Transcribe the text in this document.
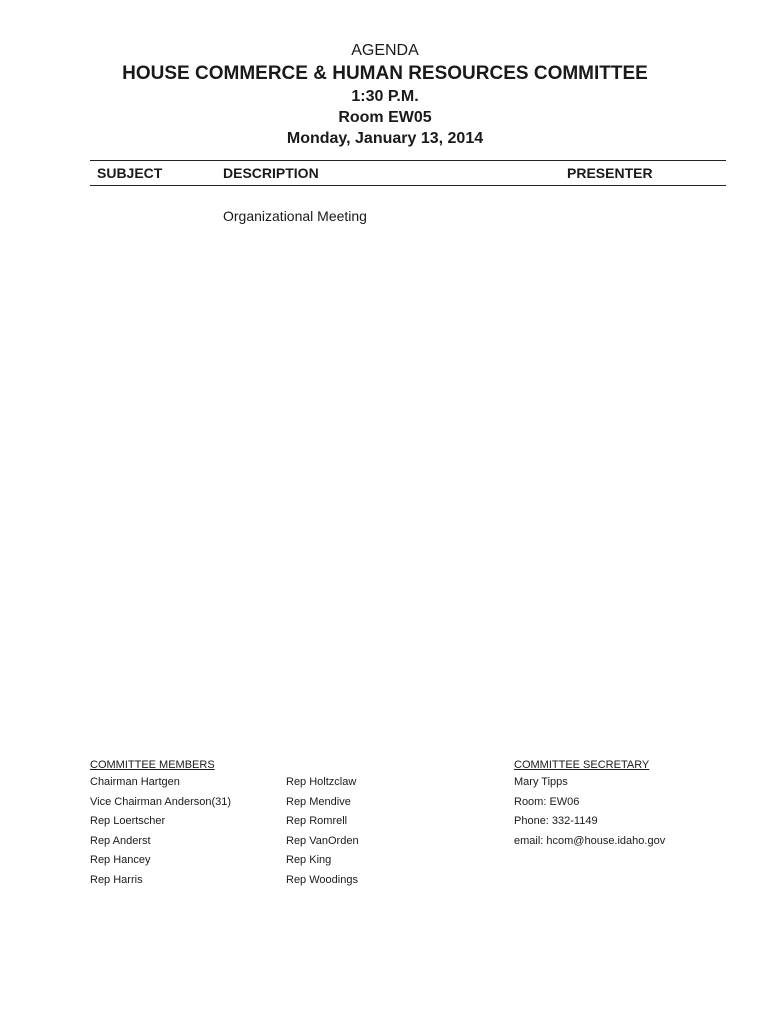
AGENDA
HOUSE COMMERCE & HUMAN RESOURCES COMMITTEE
1:30 P.M.
Room EW05
Monday, January 13, 2014
SUBJECT	DESCRIPTION	PRESENTER
Organizational Meeting
COMMITTEE MEMBERS
Chairman Hartgen
Vice Chairman Anderson(31)
Rep Loertscher
Rep Anderst
Rep Hancey
Rep Harris
Rep Holtzclaw
Rep Mendive
Rep Romrell
Rep VanOrden
Rep King
Rep Woodings
COMMITTEE SECRETARY
Mary Tipps
Room: EW06
Phone: 332-1149
email: hcom@house.idaho.gov
